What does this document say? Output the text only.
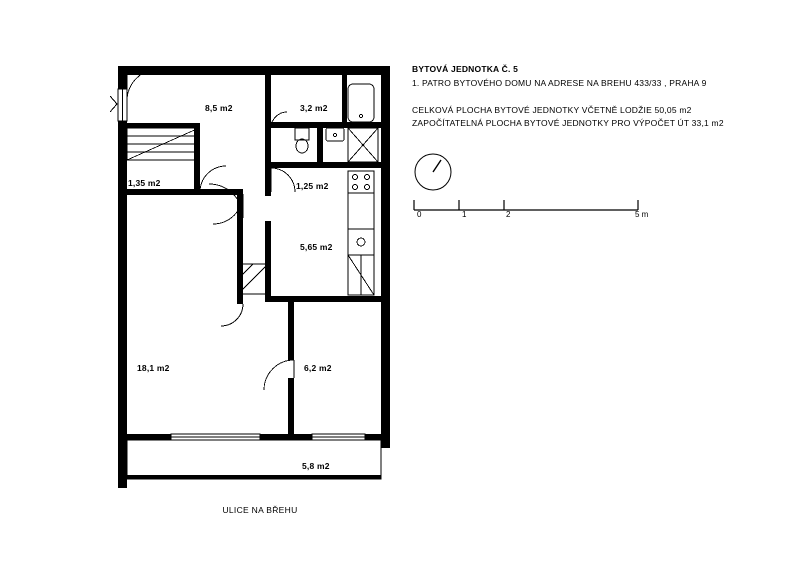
BYTOVÁ JEDNOTKA Č. 5
1. PATRO BYTOVÉHO DOMU NA ADRESE NA BREHU 433/33 , PRAHA 9
CELKOVÁ PLOCHA BYTOVÉ JEDNOTKY VČETNĚ LODŽIE 50,05 m2
ZAPOČÍTATELNÁ PLOCHA BYTOVÉ JEDNOTKY PRO VÝPOČET ÚT 33,1 m2
0	1	2	5 m
8,5 m2	3,2 m2
1,35 m2	1,25 m2
5,65 m2
18,1 m2	6,2 m2
5,8 m2
ULICE NA BŘEHU
